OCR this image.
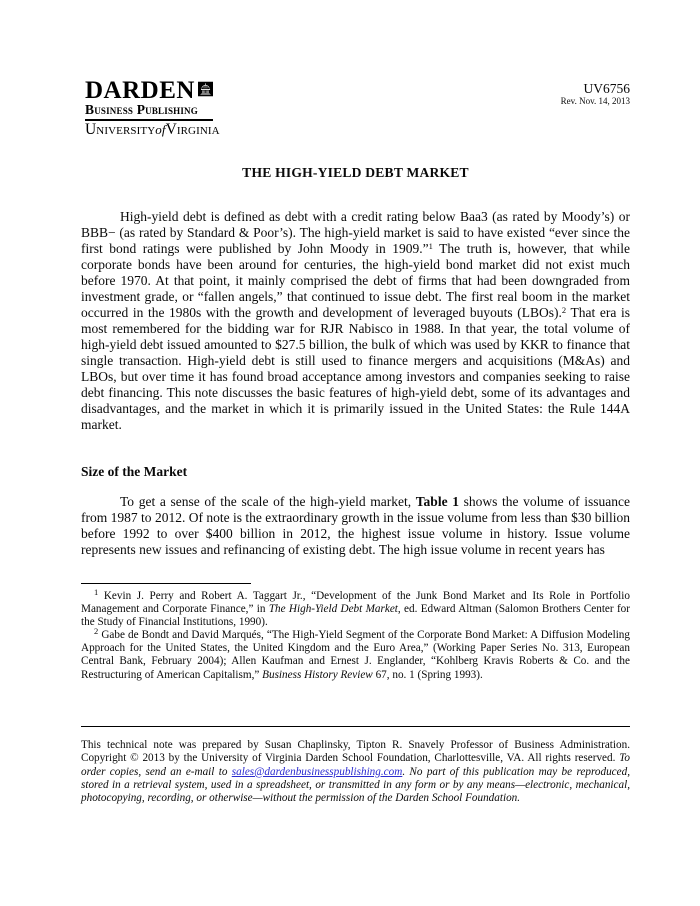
DARDEN
Business Publishing
UniversityofVirginia
UV6756
Rev. Nov. 14, 2013
THE HIGH-YIELD DEBT MARKET

High-yield debt is defined as debt with a credit rating below Baa3 (as rated by Moody’s) or BBB− (as rated by Standard & Poor’s). The high-yield market is said to have existed “ever since the first bond ratings were published by John Moody in 1909.”$^1$ The truth is, however, that while corporate bonds have been around for centuries, the high-yield bond market did not exist much before 1970. At that point, it mainly comprised the debt of firms that had been downgraded from investment grade, or “fallen angels,” that continued to issue debt. The first real boom in the market occurred in the 1980s with the growth and development of leveraged buyouts (LBOs).$^2$ That era is most remembered for the bidding war for RJR Nabisco in 1988. In that year, the total volume of high-yield debt issued amounted to $27.5 billion, the bulk of which was used by KKR to finance that single transaction. High-yield debt is still used to finance mergers and acquisitions (M&As) and LBOs, but over time it has found broad acceptance among investors and companies seeking to raise debt financing. This note discusses the basic features of high-yield debt, some of its advantages and disadvantages, and the market in which it is primarily issued in the United States: the Rule 144A market.

Size of the Market

To get a sense of the scale of the high-yield market, Table 1 shows the volume of issuance from 1987 to 2012. Of note is the extraordinary growth in the issue volume from less than $30 billion before 1992 to over $400 billion in 2012, the highest issue volume in history. Issue volume represents new issues and refinancing of existing debt. The high issue volume in recent years has

$^1$ Kevin J. Perry and Robert A. Taggart Jr., “Development of the Junk Bond Market and Its Role in Portfolio Management and Corporate Finance,” in The High-Yield Debt Market, ed. Edward Altman (Salomon Brothers Center for the Study of Financial Institutions, 1990).
$^2$ Gabe de Bondt and David Marqués, “The High-Yield Segment of the Corporate Bond Market: A Diffusion Modeling Approach for the United States, the United Kingdom and the Euro Area,” (Working Paper Series No. 313, European Central Bank, February 2004); Allen Kaufman and Ernest J. Englander, “Kohlberg Kravis Roberts & Co. and the Restructuring of American Capitalism,” Business History Review 67, no. 1 (Spring 1993).
This technical note was prepared by Susan Chaplinsky, Tipton R. Snavely Professor of Business Administration. Copyright © 2013 by the University of Virginia Darden School Foundation, Charlottesville, VA. All rights reserved. To order copies, send an e-mail to sales@dardenbusinesspublishing.com. No part of this publication may be reproduced, stored in a retrieval system, used in a spreadsheet, or transmitted in any form or by any means—electronic, mechanical, photocopying, recording, or otherwise—without the permission of the Darden School Foundation.
